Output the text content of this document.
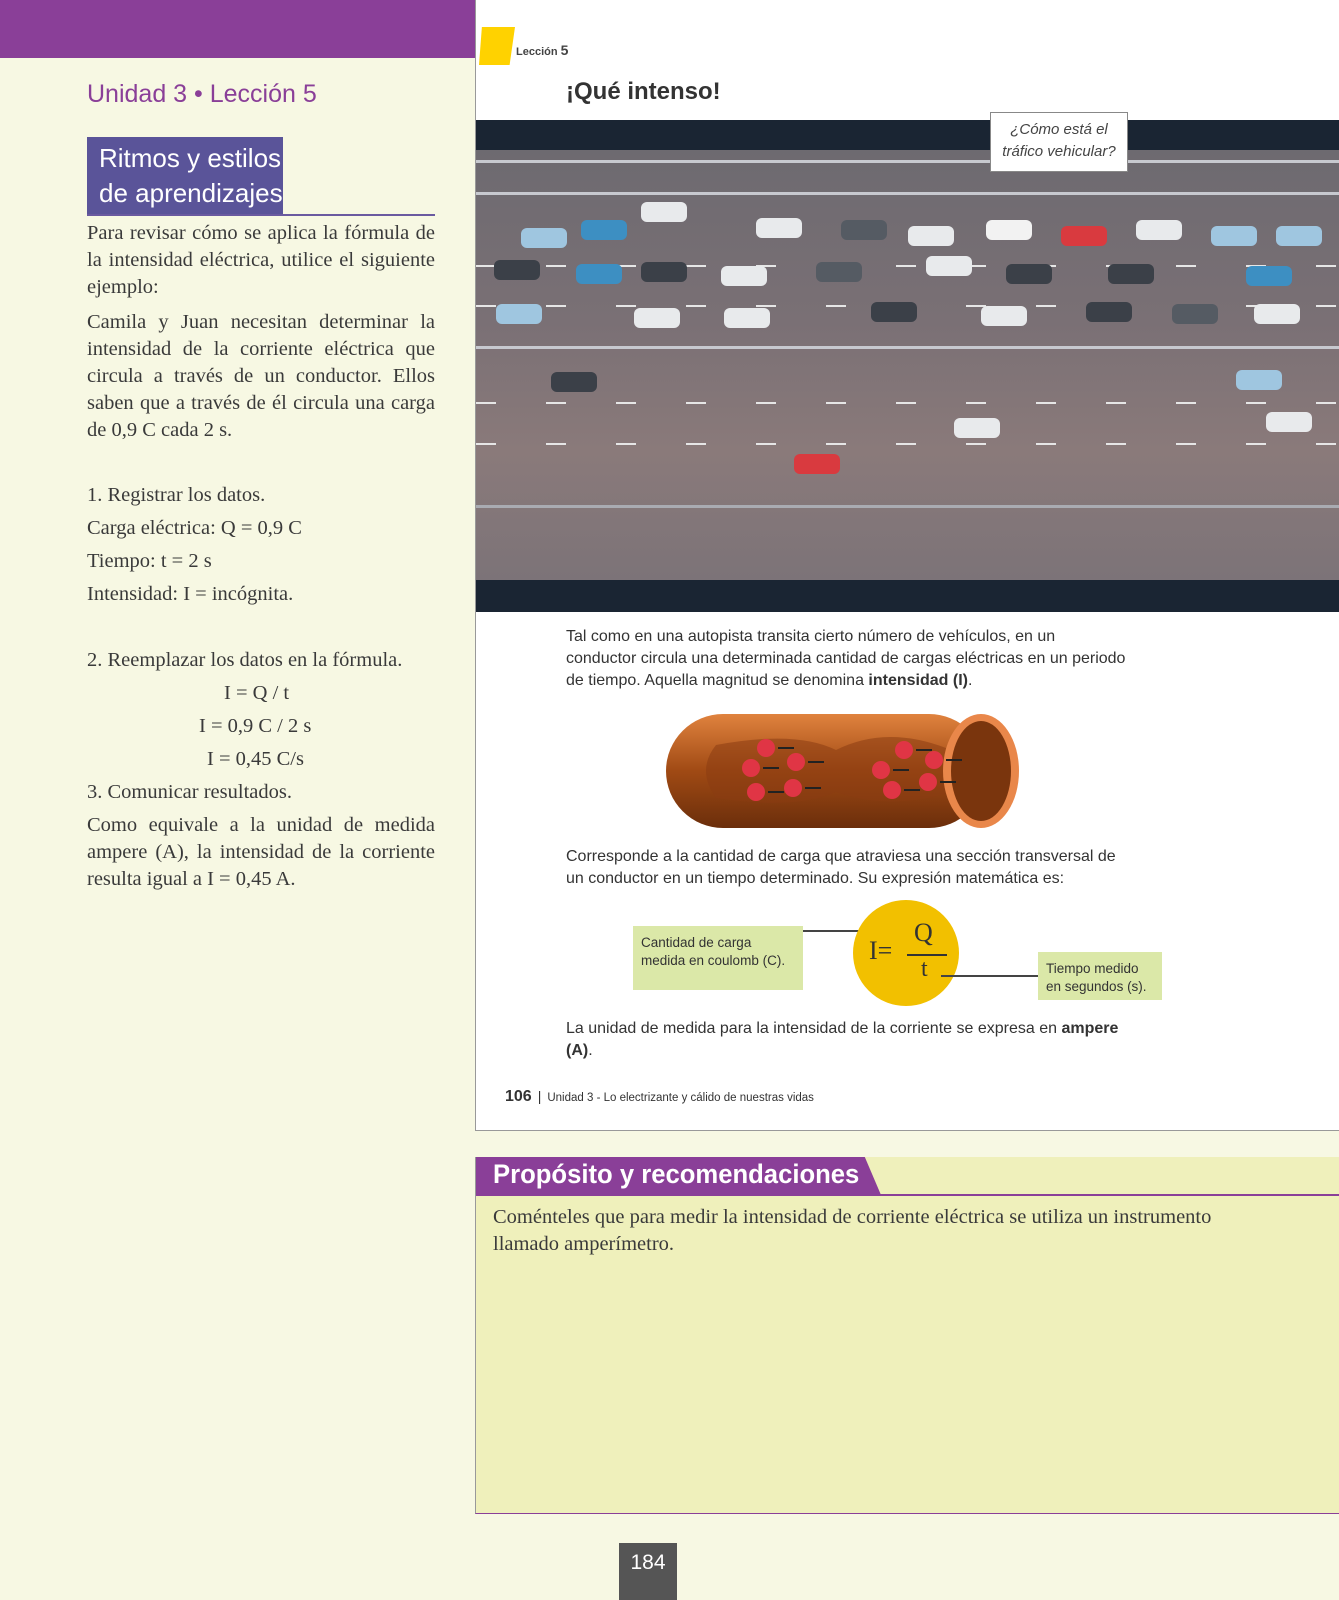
Unidad 3 • Lección 5
Ritmos y estilos
de aprendizajes

Para revisar cómo se aplica la fórmula de la intensidad eléctrica, utilice el siguiente ejemplo:

Camila y Juan necesitan determinar la intensidad de la corriente eléctrica que circula a través de un conductor. Ellos saben que a través de él circula una carga de 0,9 C cada 2 s.

1. Registrar los datos.

Carga eléctrica: Q = 0,9 C

Tiempo: t = 2 s

Intensidad: I = incógnita.

2. Reemplazar los datos en la fórmula.

I = Q / t

I = 0,9 C / 2 s

I = 0,45 C/s

3. Comunicar resultados.

Como equivale a la unidad de medida ampere (A), la intensidad de la corriente resulta igual a I = 0,45 A.

Lección 5
¡Qué intenso!
¿Cómo está el tráfico vehicular?

Tal como en una autopista transita cierto número de vehículos, en un conductor circula una determinada cantidad de cargas eléctricas en un periodo de tiempo. Aquella magnitud se denomina intensidad (I).

Corresponde a la cantidad de carga que atraviesa una sección transversal de un conductor en un tiempo determinado. Su expresión matemática es:

Cantidad de carga medida en coulomb (C).	I=
Q
t	Tiempo medido en segundos (s).

La unidad de medida para la intensidad de la corriente se expresa en ampere (A).

106 | Unidad 3 - Lo electrizante y cálido de nuestras vidas
Propósito y recomendaciones

Coménteles que para medir la intensidad de corriente eléctrica se utiliza un instrumento llamado amperímetro.

184
